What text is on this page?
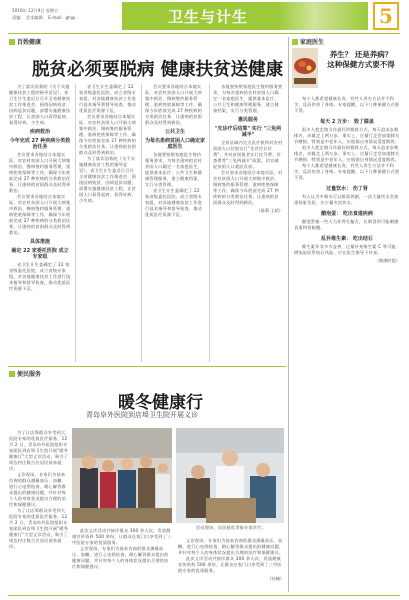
2016年 12月9日 星期五
责编： 美术编辑： E-mail：gh@...	卫生与计生	5
百姓健康
脱贫必须要脱病 健康扶贫送健康
为了落实国务院《关于实施健康扶贫工程的指导意见》，省卫生计生委近日召开全省健康扶贫工作推进会，围绕因病致贫、因病返贫问题，部署实施健康扶贫工程，让贫困人口看得起病、看得好病、少生病。
疾病救治
今年完成 27 种疾病分类救治任务
会议要求各地结合本地实际，对农村贫困人口开展大病集中救治、慢病签约服务管理、重病兜底保障等工作，确保今年底前完成 27 种疾病的分类救治任务，让患病的贫困群众及时得到救治。
会议要求各地结合本地实际，对农村贫困人口开展大病集中救治、慢病签约服务管理、重病兜底保障等工作，确保今年底前完成 27 种疾病的分类救治任务，让患病的贫困群众及时得到救治。
具体措施
确定 22 家委托医院 成立专家组
省卫生计生委确定了 22 家省级委托医院，成立省级专家组，对各地健康扶贫工作进行技术指导和督导检查，推动优质医疗资源下沉。
省卫生计生委确定了 22 家省级委托医院，成立省级专家组，对各地健康扶贫工作进行技术指导和督导检查，推动优质医疗资源下沉。
会议要求各地结合本地实际，对农村贫困人口开展大病集中救治、慢病签约服务管理、重病兜底保障等工作，确保今年底前完成 27 种疾病的分类救治任务，让患病的贫困群众及时得到救治。
为了落实国务院《关于实施健康扶贫工程的指导意见》，省卫生计生委近日召开全省健康扶贫工作推进会，围绕因病致贫、因病返贫问题，部署实施健康扶贫工程，让贫困人口看得起病、看得好病、少生病。
会议要求各地结合本地实际，对农村贫困人口开展大病集中救治、慢病签约服务管理、重病兜底保障等工作，确保今年底前完成 27 种疾病的分类救治任务，让患病的贫困群众及时得到救治。
公共卫生
为每名患病贫困人口确定家庭医生
各地要按照家庭医生签约服务要求，为每名患病的农村贫困人口确定一名家庭医生，提供基本医疗、公共卫生和健康管理服务，建立健康档案，实行分类管理。
省卫生计生委确定了 22 家省级委托医院，成立省级专家组，对各地健康扶贫工作进行技术指导和督导检查，推动优质医疗资源下沉。
各地要按照家庭医生签约服务要求，为每名患病的农村贫困人口确定一名家庭医生，提供基本医疗、公共卫生和健康管理服务，建立健康档案，实行分类管理。
惠民服务
"先诊疗后结算" 实行 "三免两减半"
全省县域内定点医疗机构对农村贫困人口住院实行"先诊疗后付费"，并对贫困患者实行挂号费、诊查费等"三免两减半"政策，切实减轻贫困人口就医负担。
会议要求各地结合本地实际，对农村贫困人口开展大病集中救治、慢病签约服务管理、重病兜底保障等工作，确保今年底前完成 27 种疾病的分类救治任务，让患病的贫困群众及时得到救治。
（陈莉 王晴）
家庭医生
养生？ 还是养病？
这种保健方式要不得
每个人都希望健康长寿，有些人养生方法并不科学，反而伤害了身体。专家提醒，以下几种保健方式要不得。
每天 2 万步： 毁了膝盖
很多人把走路当作最好的锻炼方式，每天追求步数排名，动辄走上两万步。事实上，过量行走会加重膝关节磨损，特别是中老年人，应根据自身情况适度锻炼。
很多人把走路当作最好的锻炼方式，每天追求步数排名，动辄走上两万步。事实上，过量行走会加重膝关节磨损，特别是中老年人，应根据自身情况适度锻炼。
每个人都希望健康长寿，有些人养生方法并不科学，反而伤害了身体。专家提醒，以下几种保健方式要不得。
过量饮水： 伤了肾
有人认为多喝水可以排毒养颜，一次大量饮水会加重肾脏负担，应少量多次饮水。
醋泡蛋： 吃出食道疾病
醋泡蛋被一些人当作养生偏方，长期食用可能刺激食道和胃黏膜。
乱补维生素： 吃出结石
维生素并非多多益善，过量补充维生素 C 等可能增加泌尿系结石风险，应在医生指导下补充。
（健康时报）
便民服务
暖冬健康行
青岛阜外医院到店埠卫生院开展义诊
为了让店埠群众享受到大医院专家的优质医疗服务，12 月 2 日，青岛阜外医院组织专家团队到店埠卫生院开展"暖冬健康行"大型义诊活动，吸引了周边村庄数百名居民前来就诊。
义诊现场，专家们为前来咨询的群众测量血压、血糖，进行心电图检查，耐心解答群众提出的健康问题，并针对每个人的身体状况提出合理的治疗和保健建议。
为了让店埠群众享受到大医院专家的优质医疗服务，12 月 2 日，青岛阜外医院组织专家团队到店埠卫生院开展"暖冬健康行"大型义诊活动，吸引了周边村庄数百名居民前来就诊。
活动现场，居民排队等候专家诊疗。
此次义诊活动共接诊群众 300 余人次，发放健康宣传资料 500 余份，让群众在家门口享受到了三甲医院专家的优质服务。
义诊现场，专家们为前来咨询的群众测量血压、血糖，进行心电图检查，耐心解答群众提出的健康问题，并针对每个人的身体状况提出合理的治疗和保健建议。
义诊现场，专家们为前来咨询的群众测量血压、血糖，进行心电图检查，耐心解答群众提出的健康问题，并针对每个人的身体状况提出合理的治疗和保健建议。
此次义诊活动共接诊群众 300 余人次，发放健康宣传资料 500 余份，让群众在家门口享受到了三甲医院专家的优质服务。
（孙楠）
